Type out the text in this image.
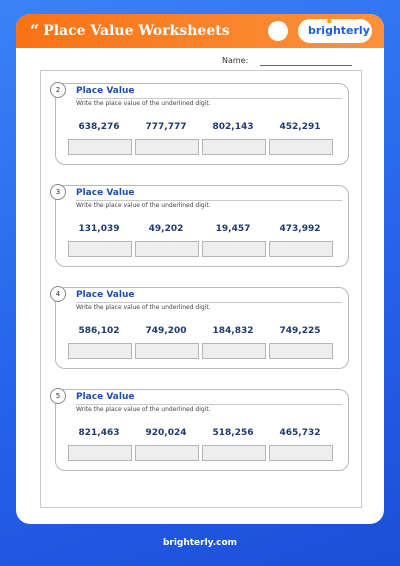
“ Place Value Worksheets
✹
brighterly
Name:
2	Place Value
Write the place value of the underlined digit.
638,276	777,777	802,143	452,291
3	Place Value
Write the place value of the underlined digit.
131,039	49,202	19,457	473,992
4	Place Value
Write the place value of the underlined digit.
586,102	749,200	184,832	749,225
5	Place Value
Write the place value of the underlined digit.
821,463	920,024	518,256	465,732
brighterly.com
